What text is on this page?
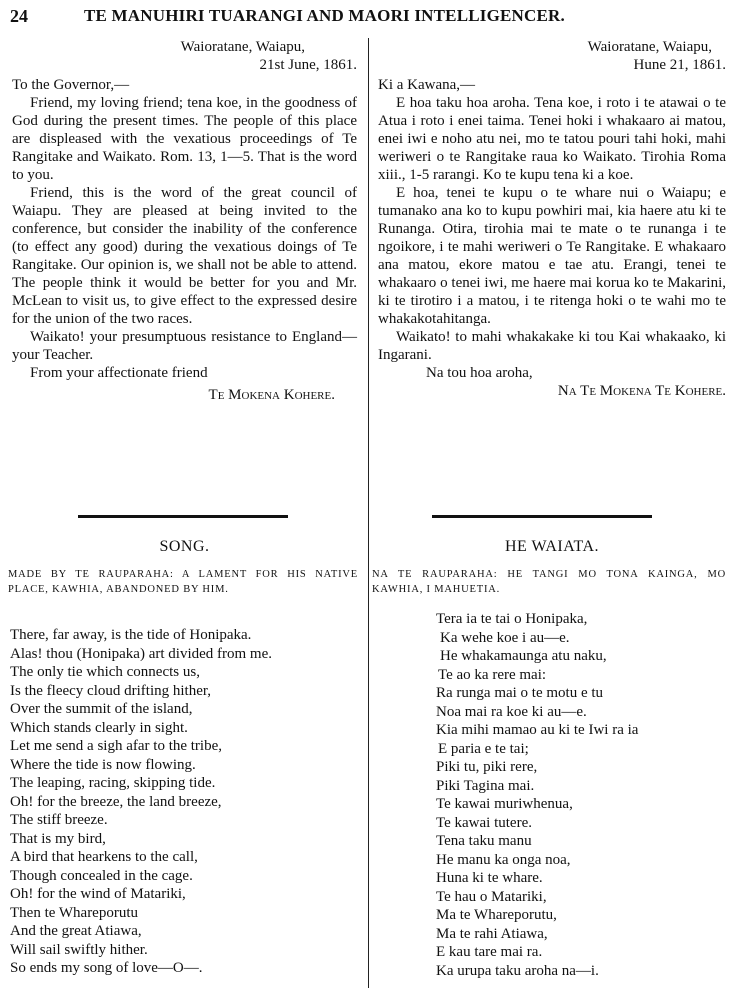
24	TE MANUHIRI TUARANGI AND MAORI INTELLIGENCER.

Waioratane, Waiapu,

21st June, 1861.

To the Governor,—

Friend, my loving friend; tena koe, in the goodness of God during the present times. The people of this place are displeased with the vexatious proceedings of Te Rangitake and Waikato. Rom. 13, 1—5. That is the word to you.

Friend, this is the word of the great council of Waiapu. They are pleased at being invited to the conference, but consider the inability of the conference (to effect any good) during the vexatious doings of Te Rangitake. Our opinion is, we shall not be able to attend. The people think it would be better for you and Mr. McLean to visit us, to give effect to the expressed desire for the union of the two races.

Waikato! your presumptuous resistance to England—your Teacher.

From your affectionate friend

Te Mokena Kohere.

Waioratane, Waiapu,

Hune 21, 1861.

Ki a Kawana,—

E hoa taku hoa aroha. Tena koe, i roto i te atawai o te Atua i roto i enei taima. Tenei hoki i whakaaro ai matou, enei iwi e noho atu nei, mo te tatou pouri tahi hoki, mahi weriweri o te Rangitake raua ko Waikato. Tirohia Roma xiii., 1-5 rarangi. Ko te kupu tena ki a koe.

E hoa, tenei te kupu o te whare nui o Waiapu; e tumanako ana ko to kupu powhiri mai, kia haere atu ki te Runanga. Otira, tirohia mai te mate o te runanga i te ngoikore, i te mahi weriweri o Te Rangitake. E whakaaro ana matou, ekore matou e tae atu. Erangi, tenei te whakaaro o tenei iwi, me haere mai korua ko te Makarini, ki te tirotiro i a matou, i te ritenga hoki o te wahi mo te whakakotahitanga.

Waikato! to mahi whakakake ki tou Kai whakaako, ki Ingarani.

Na tou hoa aroha,

Na Te Mokena Te Kohere.

SONG.	HE WAIATA.
MADE BY TE RAUPARAHA: A LAMENT FOR HIS NATIVE PLACE, KAWHIA, ABANDONED BY HIM.
NA TE RAUPARAHA: HE TANGI MO TONA KAINGA, MO KAWHIA, I MAHUETIA.
There, far away, is the tide of Honipaka.
Alas! thou (Honipaka) art divided from me.
The only tie which connects us,
Is the fleecy cloud drifting hither,
Over the summit of the island,
Which stands clearly in sight.
Let me send a sigh afar to the tribe,
Where the tide is now flowing.
The leaping, racing, skipping tide.
Oh! for the breeze, the land breeze,
The stiff breeze.
That is my bird,
A bird that hearkens to the call,
Though concealed in the cage.
Oh! for the wind of Matariki,
Then te Whareporutu
And the great Atiawa,
Will sail swiftly hither.
So ends my song of love—O—.
Tera ia te tai o Honipaka,
Ka wehe koe i au—e.
He whakamaunga atu naku,
Te ao ka rere mai:
Ra runga mai o te motu e tu
Noa mai ra koe ki au—e.
Kia mihi mamao au ki te Iwi ra ia
E paria e te tai;
Piki tu, piki rere,
Piki Tagina mai.
Te kawai muriwhenua,
Te kawai tutere.
Tena taku manu
He manu ka onga noa,
Huna ki te whare.
Te hau o Matariki,
Ma te Whareporutu,
Ma te rahi Atiawa,
E kau tare mai ra.
Ka urupa taku aroha na—i.
